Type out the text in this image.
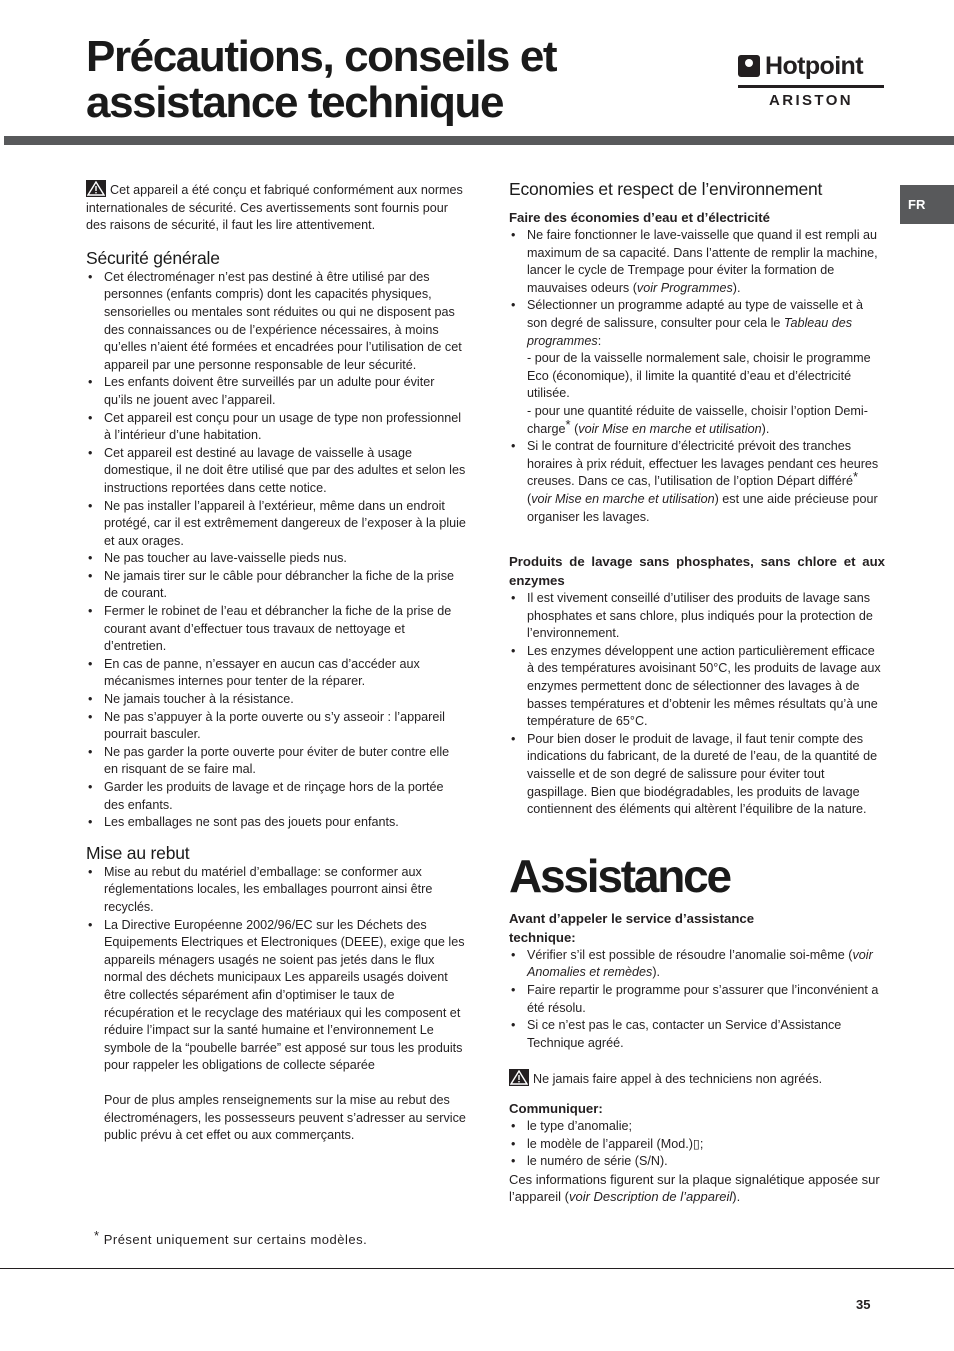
Précautions, conseils et
assistance technique
Hotpoint
ARISTON
FR

Cet appareil a été conçu et fabriqué conformément aux normes internationales de sécurité. Ces avertissements sont fournis pour des raisons de sécurité, il faut les lire attentivement.

Sécurité générale
• Cet électroménager n’est pas destiné à être utilisé par des personnes (enfants compris) dont les capacités physiques, sensorielles ou mentales sont réduites ou qui ne disposent pas des connaissances ou de l’expérience nécessaires, à moins qu’elles n’aient été formées et encadrées pour l’utilisation de cet appareil par une personne responsable de leur sécurité.
• Les enfants doivent être surveillés par un adulte pour éviter qu’ils ne jouent avec l’appareil.
• Cet appareil est conçu pour un usage de type non professionnel à l’intérieur d’une habitation.
• Cet appareil est destiné au lavage de vaisselle à usage domestique, il ne doit être utilisé que par des adultes et selon les instructions reportées dans cette notice.
• Ne pas installer l’appareil à l’extérieur, même dans un endroit protégé, car il est extrêmement dangereux de l’exposer à la pluie et aux orages.
• Ne pas toucher au lave-vaisselle pieds nus.
• Ne jamais tirer sur le câble pour débrancher la fiche de la prise de courant.
• Fermer le robinet de l’eau et débrancher la fiche de la prise de courant avant d’effectuer tous travaux de nettoyage et d’entretien.
• En cas de panne, n’essayer en aucun cas d’accéder aux mécanismes internes pour tenter de la réparer.
• Ne jamais toucher à la résistance.
• Ne pas s’appuyer à la porte ouverte ou s’y asseoir : l’appareil pourrait basculer.
• Ne pas garder la porte ouverte pour éviter de buter contre elle en risquant de se faire mal.
• Garder les produits de lavage et de rinçage hors de la portée des enfants.
• Les emballages ne sont pas des jouets pour enfants.
Mise au rebut
• Mise au rebut du matériel d’emballage: se conformer aux réglementations locales, les emballages pourront ainsi être recyclés.
• La Directive Européenne 2002/96/EC sur les Déchets des Equipements Electriques et Electroniques (DEEE), exige que les appareils ménagers usagés ne soient pas jetés dans le flux normal des déchets municipaux Les appareils usagés doivent être collectés séparément afin d’optimiser le taux de récupération et le recyclage des matériaux qui les composent et réduire l’impact sur la santé humaine et l’environnement Le symbole de la “poubelle barrée” est apposé sur tous les produits pour rappeler les obligations de collecte séparée

Pour de plus amples renseignements sur la mise au rebut des électroménagers, les possesseurs peuvent s’adresser au service public prévu à cet effet ou aux commerçants.

* Présent uniquement sur certains modèles.
Economies et respect de l’environnement
Faire des économies d’eau et d’électricité
• Ne faire fonctionner le lave-vaisselle que quand il est rempli au maximum de sa capacité. Dans l’attente de remplir la machine, lancer le cycle de Trempage pour éviter la formation de mauvaises odeurs (voir Programmes).
• Sélectionner un programme adapté au type de vaisselle et à son degré de salissure, consulter pour cela le Tableau des programmes:
- pour de la vaisselle normalement sale, choisir le programme Eco (économique), il limite la quantité d’eau et d’électricité utilisée.
- pour une quantité réduite de vaisselle, choisir l’option Demi-charge* (voir Mise en marche et utilisation).
• Si le contrat de fourniture d’électricité prévoit des tranches horaires à prix réduit, effectuer les lavages pendant ces heures creuses. Dans ce cas, l’utilisation de l’option Départ différé* (voir Mise en marche et utilisation) est une aide précieuse pour organiser les lavages.
Produits de lavage sans phosphates, sans chlore et aux enzymes
• Il est vivement conseillé d’utiliser des produits de lavage sans phosphates et sans chlore, plus indiqués pour la protection de l’environnement.
• Les enzymes développent une action particulièrement efficace à des températures avoisinant 50°C, les produits de lavage aux enzymes permettent donc de sélectionner des lavages à de basses températures et d’obtenir les mêmes résultats qu’à une température de 65°C.
• Pour bien doser le produit de lavage, il faut tenir compte des indications du fabricant, de la dureté de l’eau, de la quantité de vaisselle et de son degré de salissure pour éviter tout gaspillage. Bien que biodégradables, les produits de lavage contiennent des éléments qui altèrent l’équilibre de la nature.
Assistance
Avant d’appeler le service d’assistance technique:
• Vérifier s’il est possible de résoudre l’anomalie soi-même (voir Anomalies et remèdes).
• Faire repartir le programme pour s’assurer que l’inconvénient a été résolu.
• Si ce n’est pas le cas, contacter un Service d’Assistance Technique agréé.

Ne jamais faire appel à des techniciens non agréés.

Communiquer:
• le type d’anomalie;
• le modèle de l’appareil (Mod.)▯;
• le numéro de série (S/N).

Ces informations figurent sur la plaque signalétique apposée sur l’appareil (voir Description de l’appareil).

35
